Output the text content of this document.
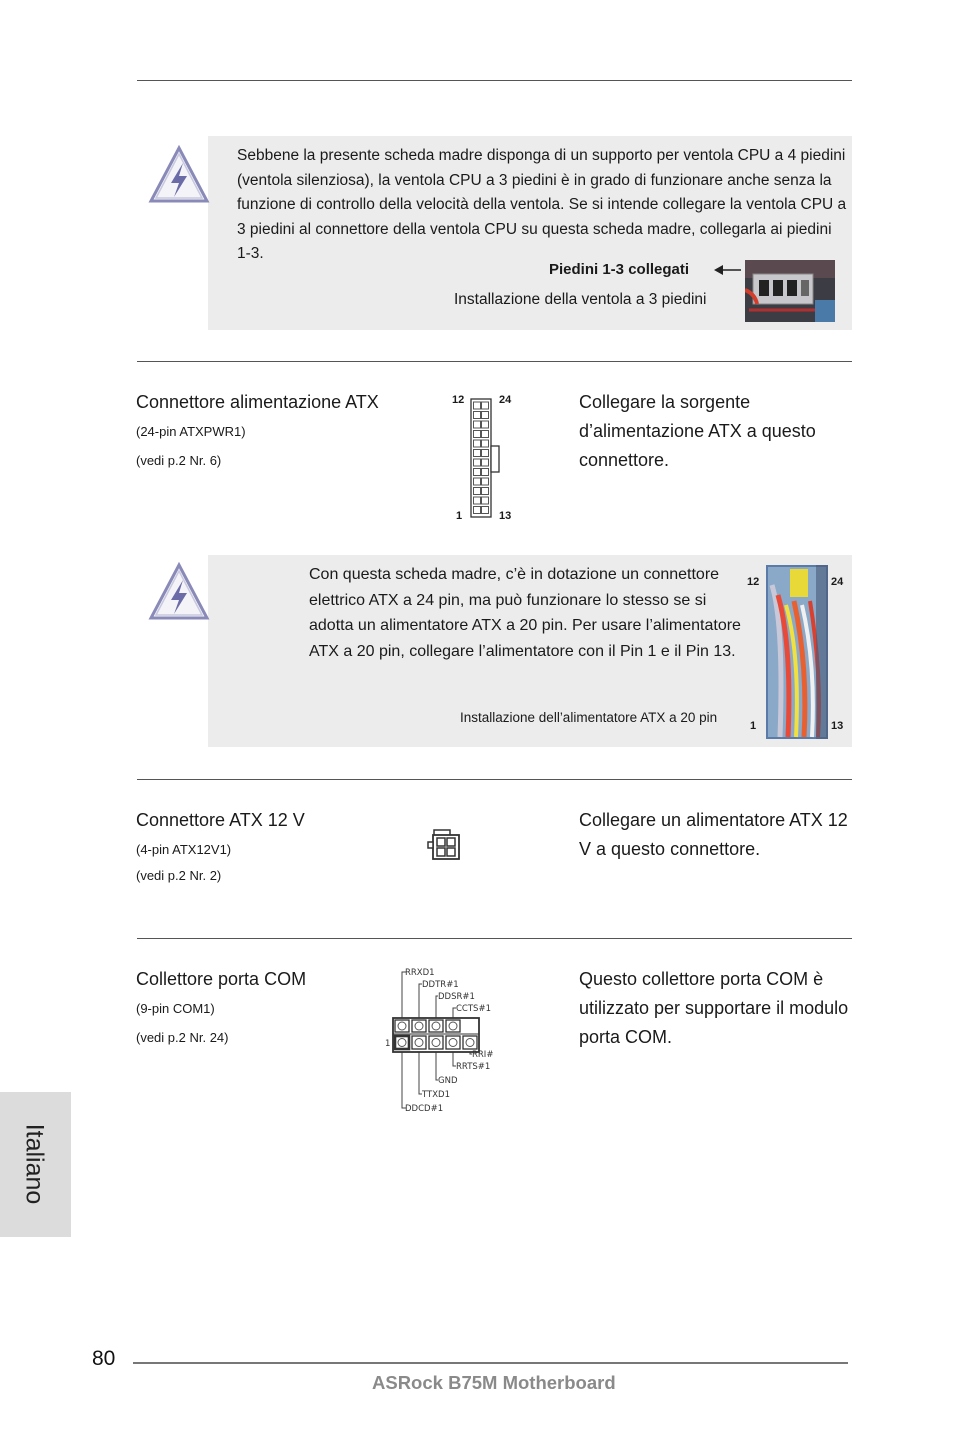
Sebbene la presente scheda madre disponga di un supporto per ventola CPU a 4 piedini (ventola silenziosa), la ventola CPU a 3 piedini è in grado di funzionare anche senza la funzione di controllo della velocità della ventola. Se si intende collegare la ventola CPU a 3 piedini al connettore della ventola CPU su questa scheda madre, collegarla ai piedini 1-3.
Piedini 1-3 collegati
Installazione della ventola a 3 piedini
Connettore alimentazione ATX
(24-pin ATXPWR1)
(vedi p.2 Nr. 6)
12	24
1	13
Collegare la sorgente d’alimentazione ATX a questo connettore.
Con questa scheda madre, c’è in dotazione un connettore elettrico ATX a 24 pin, ma può funzionare lo stesso se si adotta un alimentatore ATX a 20 pin. Per usare l’alimentatore ATX a 20 pin, collegare l’alimentatore con il Pin 1 e il Pin 13.
Installazione dell’alimentatore ATX a 20 pin
12	24
1	13
Connettore ATX 12 V
(4-pin ATX12V1)
(vedi p.2 Nr. 2)
Collegare un alimentatore ATX 12 V a questo connettore.
Collettore porta COM
(9-pin COM1)
(vedi p.2 Nr. 24)	1
RRXD1
DDTR#1
DDSR#1
CCTS#1
RRI#
RRTS#1
GND
TTXD1
DDCD#1
Questo collettore porta COM è utilizzato per supportare il modulo porta COM.
Italiano
80
ASRock B75M Motherboard
